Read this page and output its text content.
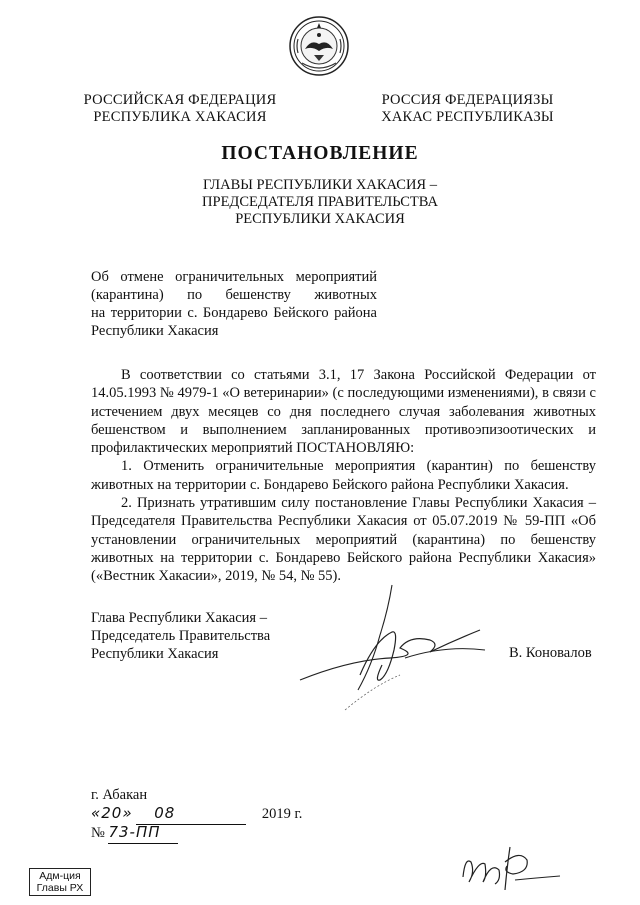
РОССИЙСКАЯ ФЕДЕРАЦИЯ
РЕСПУБЛИКА ХАКАСИЯ
РОССИЯ ФЕДЕРАЦИЯЗЫ
ХАКАС РЕСПУБЛИКАЗЫ
ПОСТАНОВЛЕНИЕ
ГЛАВЫ РЕСПУБЛИКИ ХАКАСИЯ –
ПРЕДСЕДАТЕЛЯ ПРАВИТЕЛЬСТВА
РЕСПУБЛИКИ ХАКАСИЯ
Об отмене ограничительных мероприятий
(карантина) по бешенству животных
на территории с. Бондарево Бейского района
Республики Хакасия

В соответствии со статьями 3.1, 17 Закона Российской Федерации от 14.05.1993 № 4979-1 «О ветеринарии» (с последующими изменениями), в связи с истечением двух месяцев со дня последнего случая заболевания животных бешенством и выполнением запланированных противоэпизоотических и профилактических мероприятий ПОСТАНОВЛЯЮ:

1. Отменить ограничительные мероприятия (карантин) по бешенству животных на территории с. Бондарево Бейского района Республики Хакасия.

2. Признать утратившим силу постановление Главы Республики Хакасия – Председателя Правительства Республики Хакасия от 05.07.2019 № 59-ПП «Об установлении ограничительных мероприятий (карантина) по бешенству животных на территории с. Бондарево Бейского района Республики Хакасия» («Вестник Хакасии», 2019, № 54, № 55).

Глава Республики Хакасия –
Председатель Правительства
Республики Хакасия	В. Коновалов
г. Абакан
«20» 08	2019 г.
№ 73-ПП
Адм-ция
Главы РХ
